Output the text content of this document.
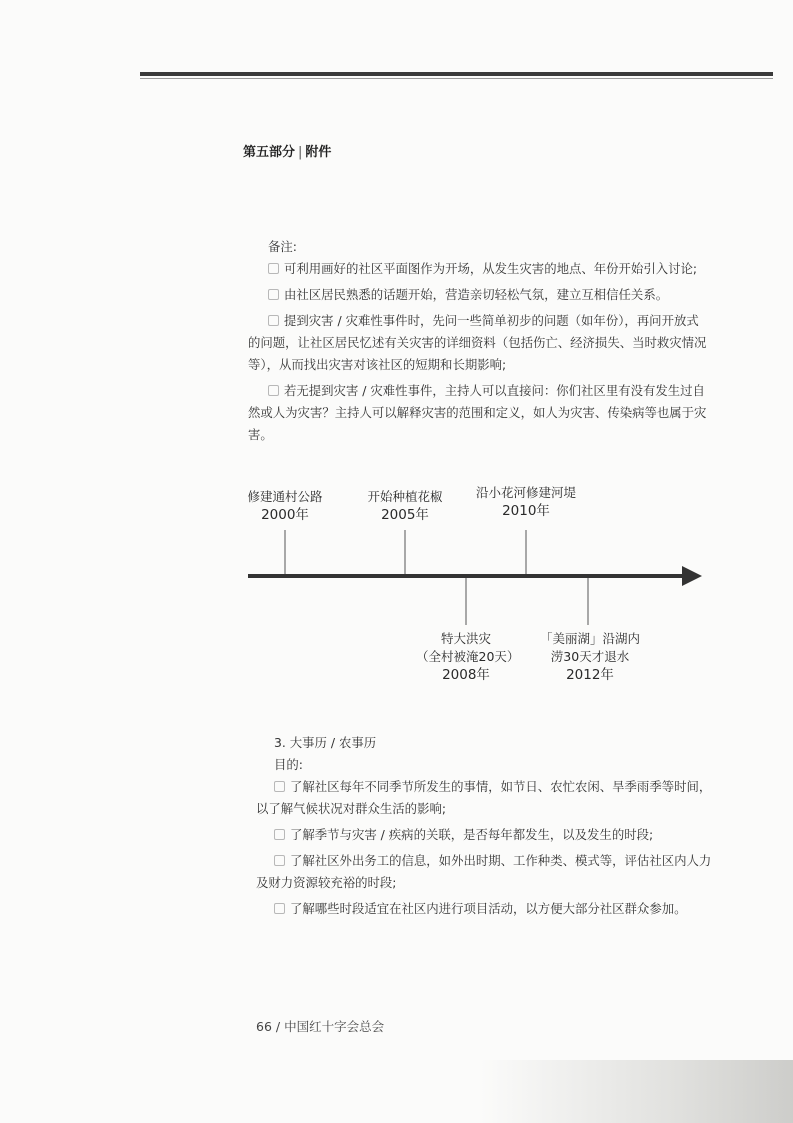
第五部分 | 附件
备注:

可利用画好的社区平面图作为开场，从发生灾害的地点、年份开始引入讨论;

由社区居民熟悉的话题开始，营造亲切轻松气氛，建立互相信任关系。

提到灾害 / 灾难性事件时，先问一些简单初步的问题（如年份），再问开放式的问题，让社区居民忆述有关灾害的详细资料（包括伤亡、经济损失、当时救灾情况等），从而找出灾害对该社区的短期和长期影响;

若无提到灾害 / 灾难性事件，主持人可以直接问：你们社区里有没有发生过自然或人为灾害？主持人可以解释灾害的范围和定义，如人为灾害、传染病等也属于灾害。

修建通村公路
2000年
开始种植花椒
2005年
沿小花河修建河堤
2010年
特大洪灾
（全村被淹20天）
2008年
「美丽湖」沿湖内
涝30天才退水
2012年
3. 大事历 / 农事历
目的:

了解社区每年不同季节所发生的事情，如节日、农忙农闲、旱季雨季等时间，以了解气候状况对群众生活的影响;

了解季节与灾害 / 疾病的关联，是否每年都发生，以及发生的时段;

了解社区外出务工的信息，如外出时期、工作种类、模式等，评估社区内人力及财力资源较充裕的时段;

了解哪些时段适宜在社区内进行项目活动，以方便大部分社区群众参加。

66 / 中国红十字会总会
